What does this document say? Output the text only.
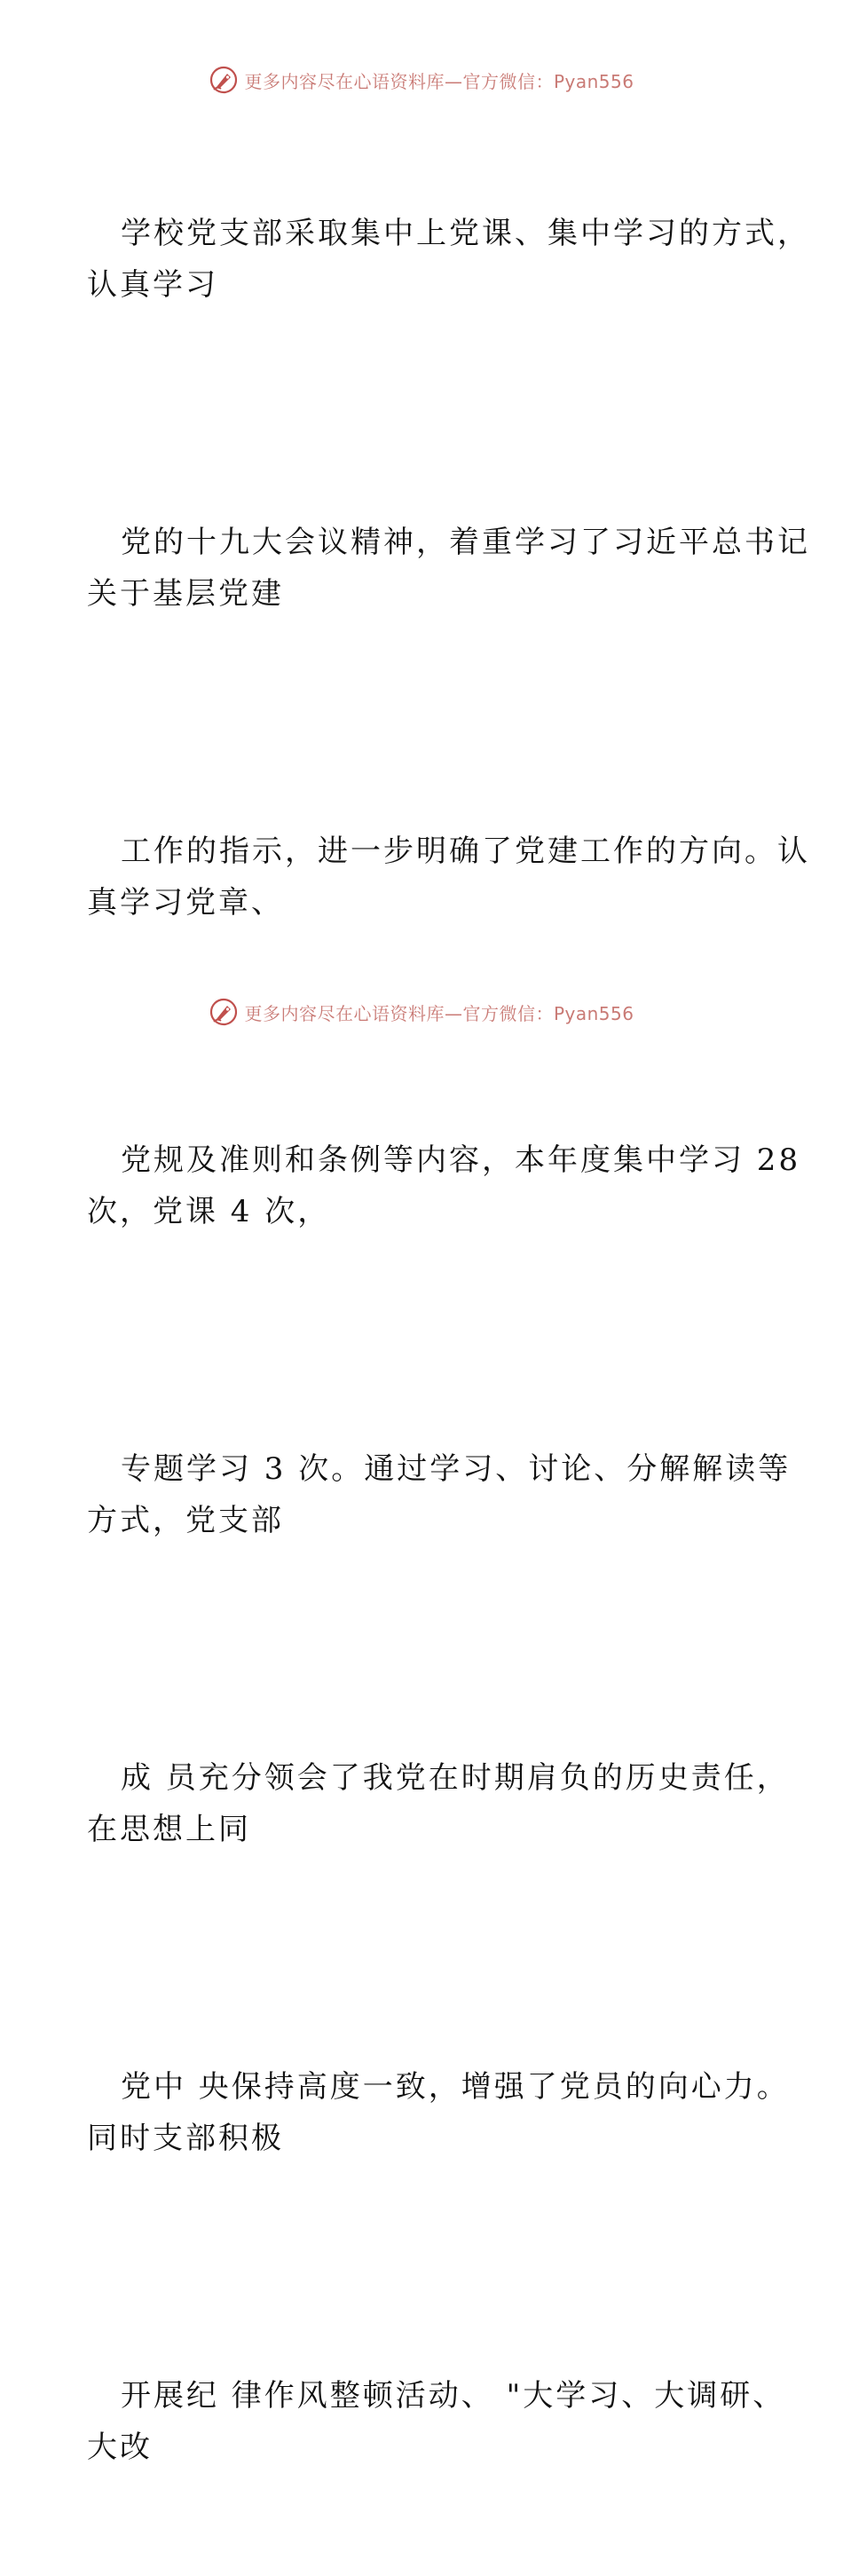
更多内容尽在心语资料库—官方微信：Pyan556

学校党支部采取集中上党课、集中学习的方式，
认真学习

党的十九大会议精神，着重学习了习近平总书记
关于基层党建

工作的指示，进一步明确了党建工作的方向。认
真学习党章、

党规及准则和条例等内容，本年度集中学习 28
次，党课 4 次，

专题学习 3 次。通过学习、讨论、分解解读等
方式，党支部

成 员充分领会了我党在时期肩负的历史责任，
在思想上同

党中 央保持高度一致，增强了党员的向心力。
同时支部积极

开展纪 律作风整顿活动、 "大学习、大调研、
大改

更多内容尽在心语资料库—官方微信：Pyan556
